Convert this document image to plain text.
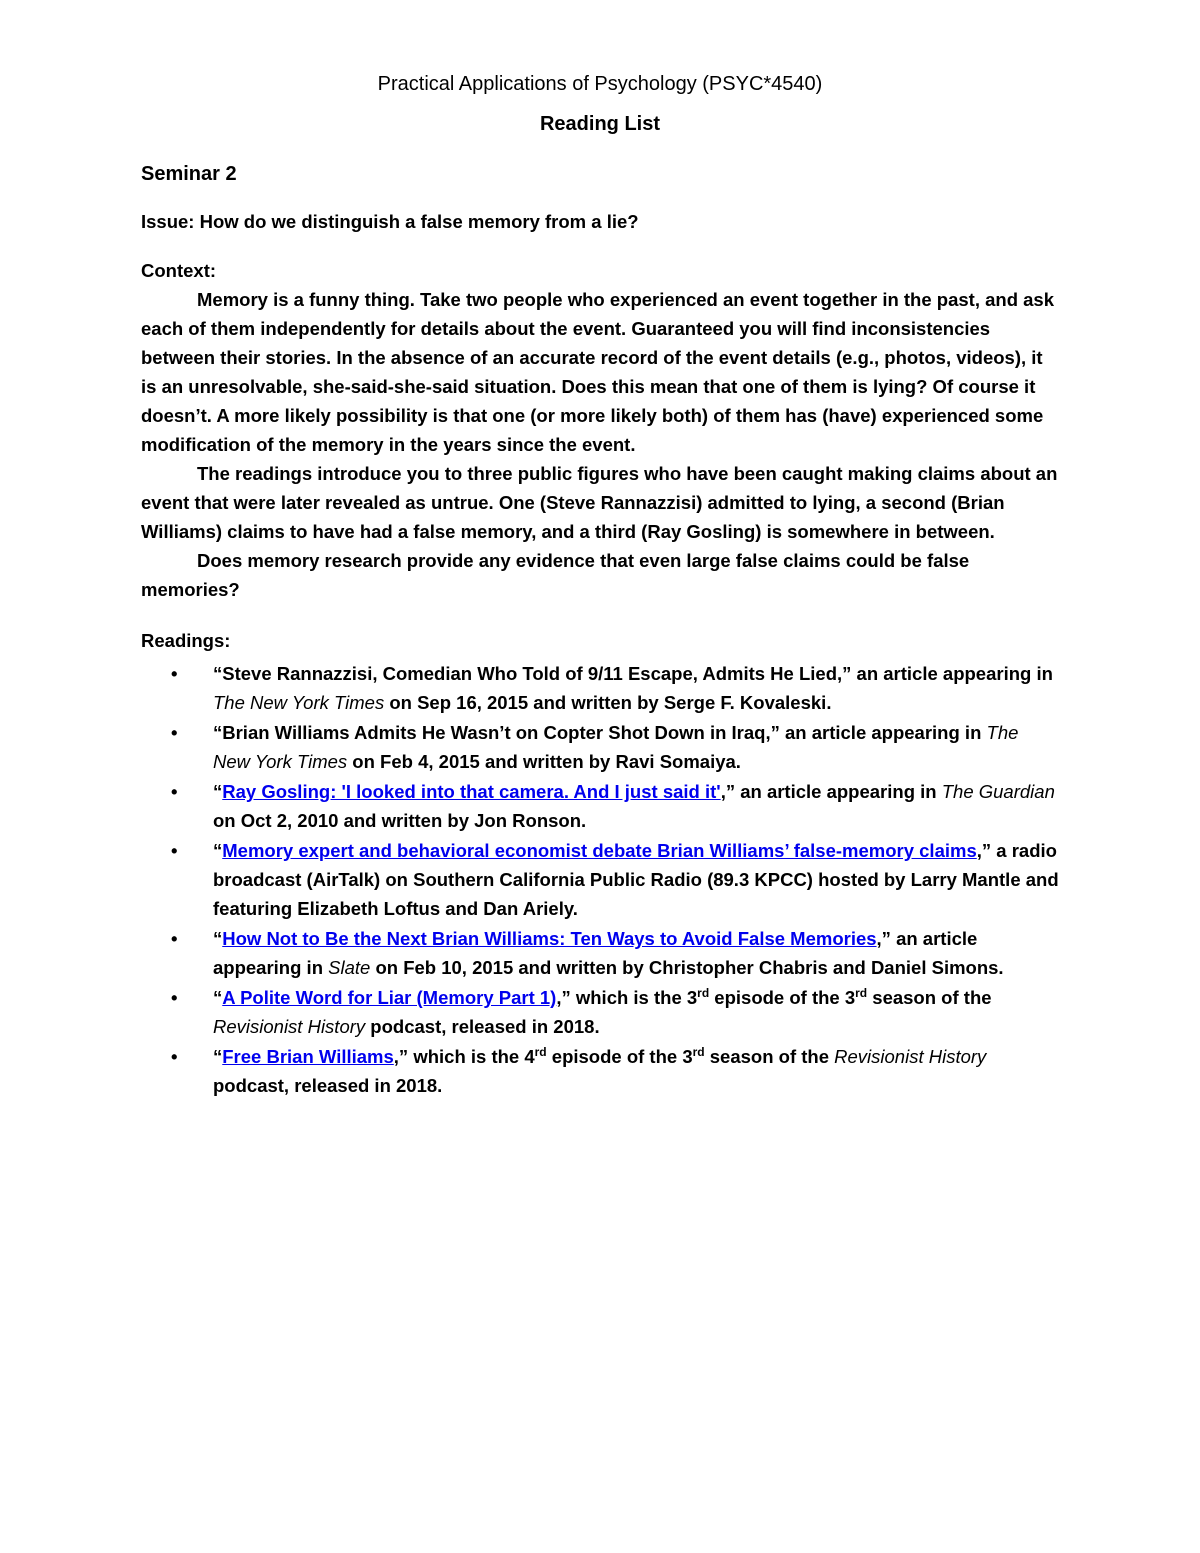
Practical Applications of Psychology (PSYC*4540)

Reading List

Seminar 2

Issue: How do we distinguish a false memory from a lie?

Context:

Memory is a funny thing. Take two people who experienced an event together in the past, and ask each of them independently for details about the event. Guaranteed you will find inconsistencies between their stories. In the absence of an accurate record of the event details (e.g., photos, videos), it is an unresolvable, she-said-she-said situation. Does this mean that one of them is lying? Of course it doesn’t. A more likely possibility is that one (or more likely both) of them has (have) experienced some modification of the memory in the years since the event.

The readings introduce you to three public figures who have been caught making claims about an event that were later revealed as untrue. One (Steve Rannazzisi) admitted to lying, a second (Brian Williams) claims to have had a false memory, and a third (Ray Gosling) is somewhere in between.

Does memory research provide any evidence that even large false claims could be false memories?

Readings:

• “Steve Rannazzisi, Comedian Who Told of 9/11 Escape, Admits He Lied,” an article appearing in The New York Times on Sep 16, 2015 and written by Serge F. Kovaleski.
• “Brian Williams Admits He Wasn’t on Copter Shot Down in Iraq,” an article appearing in The New York Times on Feb 4, 2015 and written by Ravi Somaiya.
• “Ray Gosling: 'I looked into that camera. And I just said it',” an article appearing in The Guardian on Oct 2, 2010 and written by Jon Ronson.
• “Memory expert and behavioral economist debate Brian Williams’ false-memory claims,” a radio broadcast (AirTalk) on Southern California Public Radio (89.3 KPCC) hosted by Larry Mantle and featuring Elizabeth Loftus and Dan Ariely.
• “How Not to Be the Next Brian Williams: Ten Ways to Avoid False Memories,” an article appearing in Slate on Feb 10, 2015 and written by Christopher Chabris and Daniel Simons.
• “A Polite Word for Liar (Memory Part 1),” which is the 3rd episode of the 3rd season of the Revisionist History podcast, released in 2018.
• “Free Brian Williams,” which is the 4rd episode of the 3rd season of the Revisionist History podcast, released in 2018.
